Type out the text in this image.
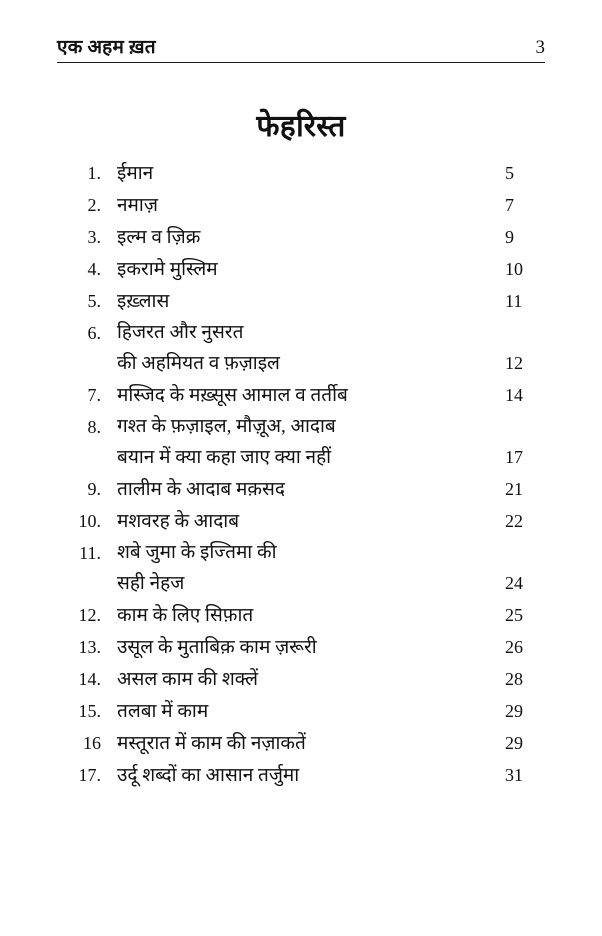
एक अहम ख़त	3
फेहरिस्त
1. ईमान	5
2. नमाज़	7
3. इल्म व ज़िक्र	9
4. इकरामे मुस्लिम	10
5. इख़्लास	11
6. हिजरत और नुसरत
की अहमियत व फ़ज़ाइल	12
7. मस्जिद के मख़्सूस आमाल व तर्तीब	14
8. गश्त के फ़ज़ाइल, मौज़ूअ, आदाब
बयान में क्या कहा जाए क्या नहीं	17
9. तालीम के आदाब मक़सद	21
10. मशवरह के आदाब	22
11. शबे जुमा के इज्तिमा की
सही नेहज	24
12. काम के लिए सिफ़ात	25
13. उसूल के मुताबिक़ काम ज़रूरी	26
14. असल काम की शक्लें	28
15. तलबा में काम	29
16 मस्तूरात में काम की नज़ाकतें	29
17. उर्दू शब्दों का आसान तर्जुमा	31
